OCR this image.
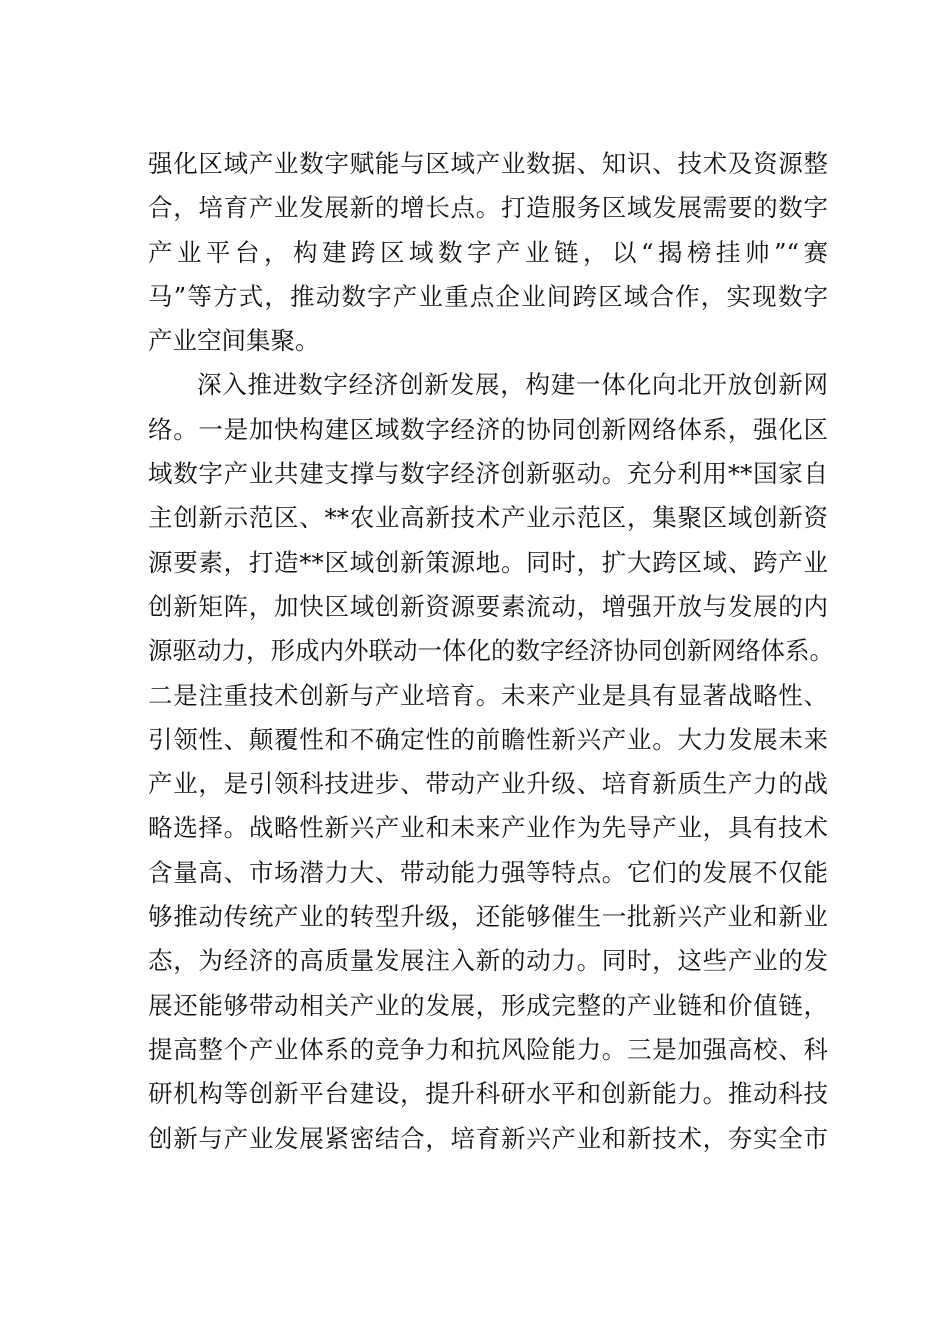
强化区域产业数字赋能与区域产业数据、知识、技术及资源整
合，培育产业发展新的增长点。打造服务区域发展需要的数字
产业平台，构建跨区域数字产业链，以“揭榜挂帅”“赛
马”等方式，推动数字产业重点企业间跨区域合作，实现数字
产业空间集聚。
深入推进数字经济创新发展，构建一体化向北开放创新网
络。一是加快构建区域数字经济的协同创新网络体系，强化区
域数字产业共建支撑与数字经济创新驱动。充分利用**国家自
主创新示范区、**农业高新技术产业示范区，集聚区域创新资
源要素，打造**区域创新策源地。同时，扩大跨区域、跨产业
创新矩阵，加快区域创新资源要素流动，增强开放与发展的内
源驱动力，形成内外联动一体化的数字经济协同创新网络体系。
二是注重技术创新与产业培育。未来产业是具有显著战略性、
引领性、颠覆性和不确定性的前瞻性新兴产业。大力发展未来
产业，是引领科技进步、带动产业升级、培育新质生产力的战
略选择。战略性新兴产业和未来产业作为先导产业，具有技术
含量高、市场潜力大、带动能力强等特点。它们的发展不仅能
够推动传统产业的转型升级，还能够催生一批新兴产业和新业
态，为经济的高质量发展注入新的动力。同时，这些产业的发
展还能够带动相关产业的发展，形成完整的产业链和价值链，
提高整个产业体系的竞争力和抗风险能力。三是加强高校、科
研机构等创新平台建设，提升科研水平和创新能力。推动科技
创新与产业发展紧密结合，培育新兴产业和新技术，夯实全市
